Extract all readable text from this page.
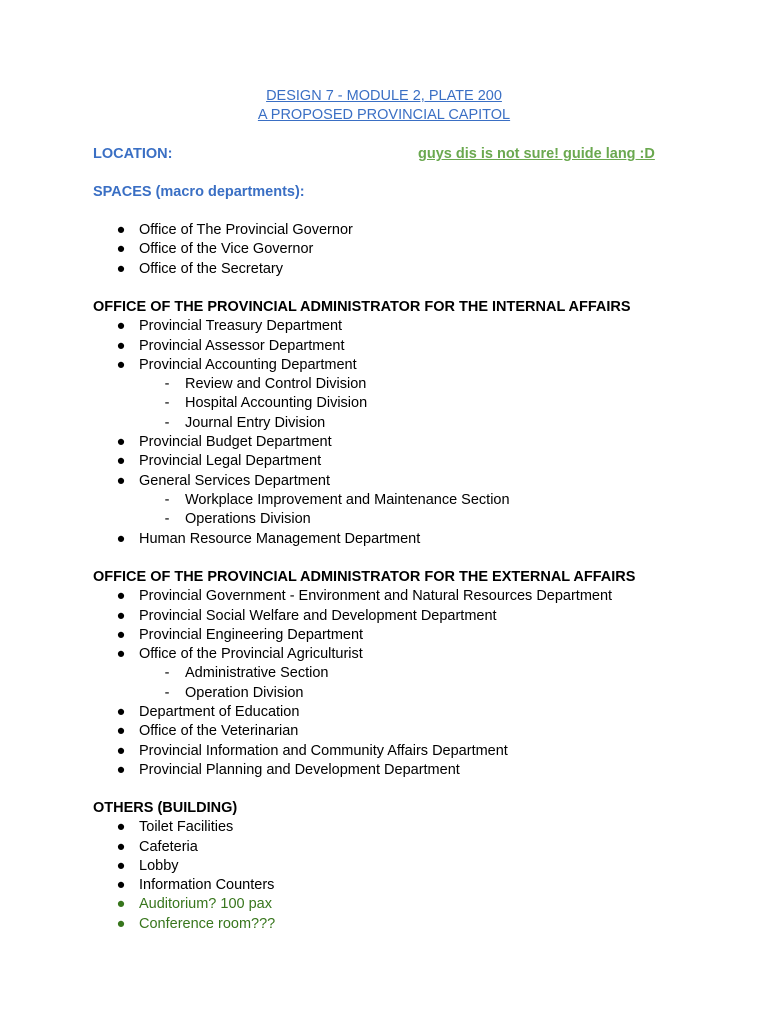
DESIGN 7 - MODULE 2, PLATE 200
A PROPOSED PROVINCIAL CAPITOL
LOCATION:	guys dis is not sure! guide lang :D
SPACES (macro departments):
● Office of The Provincial Governor
● Office of the Vice Governor
● Office of the Secretary
OFFICE OF THE PROVINCIAL ADMINISTRATOR FOR THE INTERNAL AFFAIRS
● Provincial Treasury Department
● Provincial Assessor Department
● Provincial Accounting Department
- Review and Control Division
- Hospital Accounting Division
- Journal Entry Division
● Provincial Budget Department
● Provincial Legal Department
● General Services Department
- Workplace Improvement and Maintenance Section
- Operations Division
● Human Resource Management Department
OFFICE OF THE PROVINCIAL ADMINISTRATOR FOR THE EXTERNAL AFFAIRS
● Provincial Government - Environment and Natural Resources Department
● Provincial Social Welfare and Development Department
● Provincial Engineering Department
● Office of the Provincial Agriculturist
- Administrative Section
- Operation Division
● Department of Education
● Office of the Veterinarian
● Provincial Information and Community Affairs Department
● Provincial Planning and Development Department
OTHERS (BUILDING)
● Toilet Facilities
● Cafeteria
● Lobby
● Information Counters
● Auditorium? 100 pax
● Conference room???
